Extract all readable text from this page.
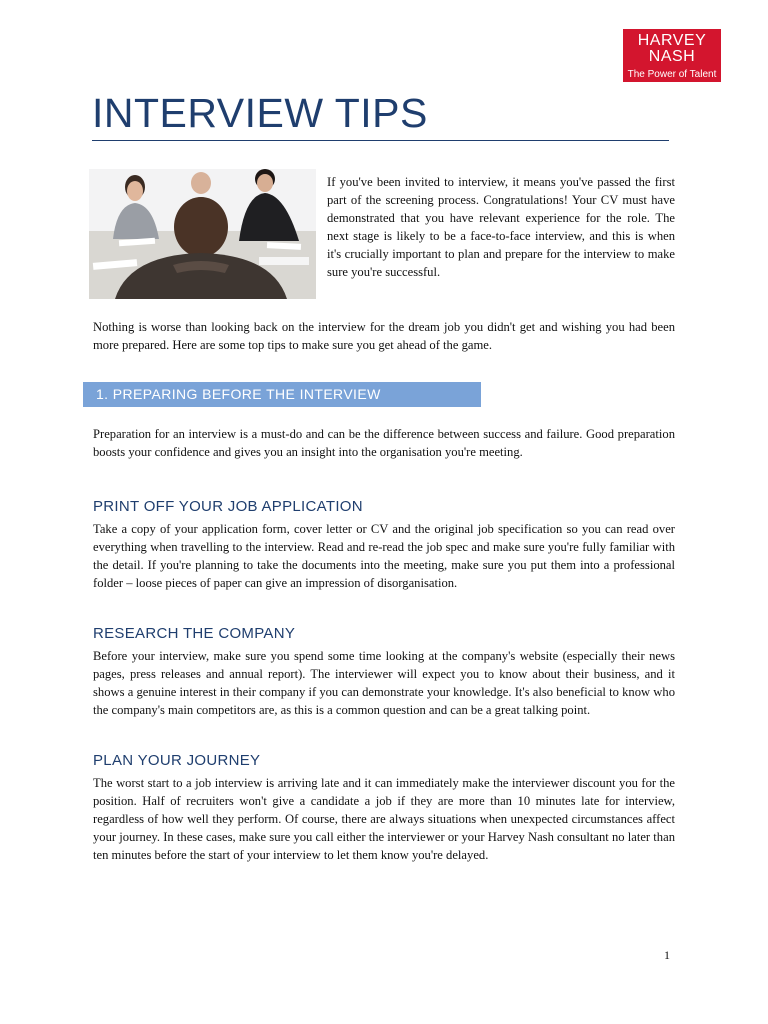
HARVEY
NASH
The Power of Talent
INTERVIEW TIPS

If you've been invited to interview, it means you've passed the first part of the screening process. Congratulations! Your CV must have demonstrated that you have relevant experience for the role. The next stage is likely to be a face-to-face interview, and this is when it's crucially important to plan and prepare for the interview to make sure you're successful.

Nothing is worse than looking back on the interview for the dream job you didn't get and wishing you had been more prepared. Here are some top tips to make sure you get ahead of the game.

1. PREPARING BEFORE THE INTERVIEW

Preparation for an interview is a must-do and can be the difference between success and failure. Good preparation boosts your confidence and gives you an insight into the organisation you're meeting.

PRINT OFF YOUR JOB APPLICATION

Take a copy of your application form, cover letter or CV and the original job specification so you can read over everything when travelling to the interview. Read and re-read the job spec and make sure you're fully familiar with the detail. If you're planning to take the documents into the meeting, make sure you put them into a professional folder – loose pieces of paper can give an impression of disorganisation.

RESEARCH THE COMPANY

Before your interview, make sure you spend some time looking at the company's website (especially their news pages, press releases and annual report). The interviewer will expect you to know about their business, and it shows a genuine interest in their company if you can demonstrate your knowledge. It's also beneficial to know who the company's main competitors are, as this is a common question and can be a great talking point.

PLAN YOUR JOURNEY

The worst start to a job interview is arriving late and it can immediately make the interviewer discount you for the position. Half of recruiters won't give a candidate a job if they are more than 10 minutes late for interview, regardless of how well they perform. Of course, there are always situations when unexpected circumstances affect your journey. In these cases, make sure you call either the interviewer or your Harvey Nash consultant no later than ten minutes before the start of your interview to let them know you're delayed.

1
